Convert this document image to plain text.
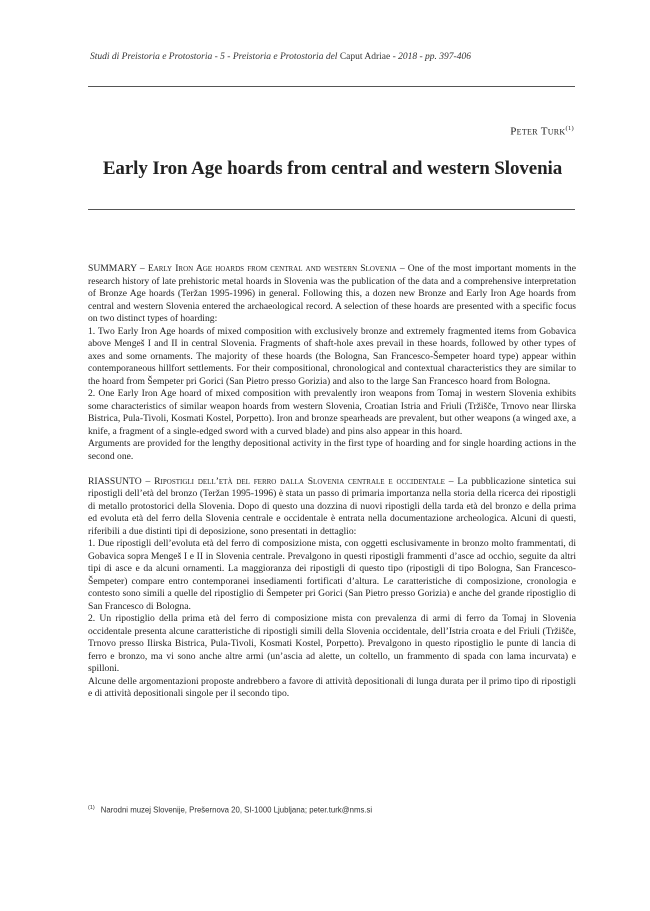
Studi di Preistoria e Protostoria - 5 - Preistoria e Protostoria del Caput Adriae - 2018 - pp. 397-406
Peter Turk$^{(1)}$
Early Iron Age hoards from central and western Slovenia

SUMMARY – Early Iron Age hoards from central and western Slovenia – One of the most important moments in the research history of late prehistoric metal hoards in Slovenia was the publication of the data and a comprehensive interpretation of Bronze Age hoards (Teržan 1995-1996) in general. Following this, a dozen new Bronze and Early Iron Age hoards from central and western Slovenia entered the archaeological record. A selection of these hoards are presented with a specific focus on two distinct types of hoarding:

1. Two Early Iron Age hoards of mixed composition with exclusively bronze and extremely fragmented items from Gobavica above Mengeš I and II in central Slovenia. Fragments of shaft-hole axes prevail in these hoards, followed by other types of axes and some ornaments. The majority of these hoards (the Bologna, San Francesco-Šempeter hoard type) appear within contemporaneous hillfort settlements. For their compositional, chronological and contextual characteristics they are similar to the hoard from Šempeter pri Gorici (San Pietro presso Gorizia) and also to the large San Francesco hoard from Bologna.

2. One Early Iron Age hoard of mixed composition with prevalently iron weapons from Tomaj in western Slovenia exhibits some characteristics of similar weapon hoards from western Slovenia, Croatian Istria and Friuli (Tržišče, Trnovo near Ilirska Bistrica, Pula-Tivoli, Kosmati Kostel, Porpetto). Iron and bronze spearheads are prevalent, but other weapons (a winged axe, a knife, a fragment of a single-edged sword with a curved blade) and pins also appear in this hoard.

Arguments are provided for the lengthy depositional activity in the first type of hoarding and for single hoarding actions in the second one.

RIASSUNTO – Ripostigli dell’età del ferro dalla Slovenia centrale e occidentale – La pubblicazione sintetica sui ripostigli dell’età del bronzo (Teržan 1995-1996) è stata un passo di primaria importanza nella storia della ricerca dei ripostigli di metallo protostorici della Slovenia. Dopo di questo una dozzina di nuovi ripostigli della tarda età del bronzo e della prima ed evoluta età del ferro della Slovenia centrale e occidentale è entrata nella documentazione archeologica. Alcuni di questi, riferibili a due distinti tipi di deposizione, sono presentati in dettaglio:

1. Due ripostigli dell’evoluta età del ferro di composizione mista, con oggetti esclusivamente in bronzo molto frammentati, di Gobavica sopra Mengeš I e II in Slovenia centrale. Prevalgono in questi ripostigli frammenti d’asce ad occhio, seguite da altri tipi di asce e da alcuni ornamenti. La maggioranza dei ripostigli di questo tipo (ripostigli di tipo Bologna, San Francesco-Šempeter) compare entro contemporanei insediamenti fortificati d’altura. Le caratteristiche di composizione, cronologia e contesto sono simili a quelle del ripostiglio di Šempeter pri Gorici (San Pietro presso Gorizia) e anche del grande ripostiglio di San Francesco di Bologna.

2. Un ripostiglio della prima età del ferro di composizione mista con prevalenza di armi di ferro da Tomaj in Slovenia occidentale presenta alcune caratteristiche di ripostigli simili della Slovenia occidentale, dell’Istria croata e del Friuli (Tržišče, Trnovo presso Ilirska Bistrica, Pula-Tivoli, Kosmati Kostel, Porpetto). Prevalgono in questo ripostiglio le punte di lancia di ferro e bronzo, ma vi sono anche altre armi (un’ascia ad alette, un coltello, un frammento di spada con lama incurvata) e spilloni.

Alcune delle argomentazioni proposte andrebbero a favore di attività depositionali di lunga durata per il primo tipo di ripostigli e di attività depositionali singole per il secondo tipo.

$^{(1)}$ Narodni muzej Slovenije, Prešernova 20, SI-1000 Ljubljana; peter.turk@nms.si
